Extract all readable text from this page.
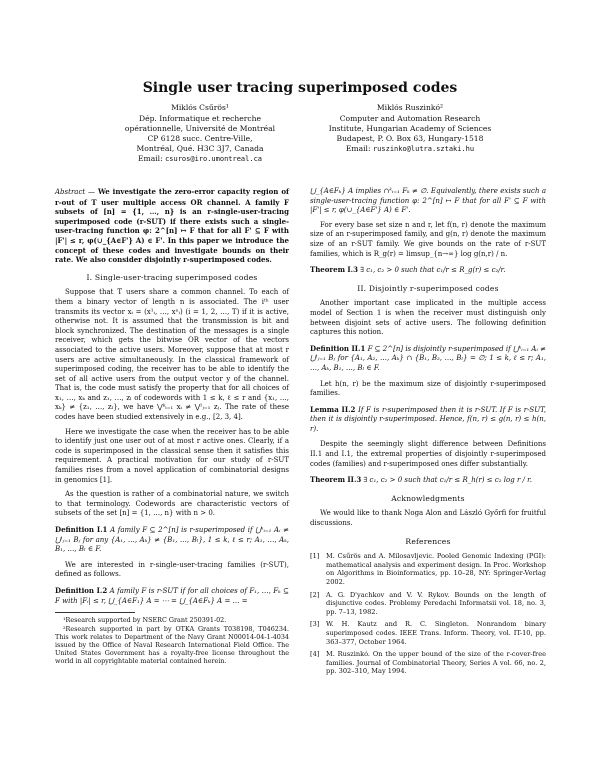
Single user tracing superimposed codes
Miklós Csűrös¹
Dép. Informatique et recherche
opérationnelle, Université de Montréal
CP 6128 succ. Centre-Ville,
Montréal, Qué. H3C 3J7, Canada
Email: csuros@iro.umontreal.ca
Miklós Ruszinkó²
Computer and Automation Research
Institute, Hungarian Academy of Sciences
Budapest, P. O. Box 63, Hungary-1518
Email: ruszinko@lutra.sztaki.hu

Abstract — We investigate the zero-error capacity region of r-out of T user multiple access OR channel. A family F subsets of [n] = {1, …, n} is an r-single-user-tracing superimposed code (r-SUT) if there exists such a single-user-tracing function φ: 2^[n] ↦ F that for all F' ⊆ F with |F'| ≤ r, φ(∪_{A∈F'} A) ∈ F'. In this paper we introduce the concept of these codes and investigate bounds on their rate. We also consider disjointly r-superimposed codes.

I. Single-user-tracing superimposed codes

Suppose that T users share a common channel. To each of them a binary vector of length n is associated. The iᵗʰ user transmits its vector xᵢ = (x¹ᵢ, …, xⁿᵢ) (i = 1, 2, …, T) if it is active, otherwise not. It is assumed that the transmission is bit and block synchronized. The destination of the messages is a single receiver, which gets the bitwise OR vector of the vectors associated to the active users. Moreover, suppose that at most r users are active simultaneously. In the classical framework of superimposed coding, the receiver has to be able to identify the set of all active users from the output vector y of the channel. That is, the code must satisfy the property that for all choices of x₁, …, xₖ and z₁, …, zₗ of codewords with 1 ≤ k, ℓ ≤ r and {x₁, …, xₖ} ≠ {z₁, …, zₗ}, we have ⋁ᵏᵢ₌₁ xᵢ ≠ ⋁ˡⱼ₌₁ zⱼ. The rate of these codes have been studied extensively in e.g., [2, 3, 4].

Here we investigate the case when the receiver has to be able to identify just one user out of at most r active ones. Clearly, if a code is superimposed in the classical sense then it satisfies this requirement. A practical motivation for our study of r-SUT families rises from a novel application of combinatorial designs in genomics [1].

As the question is rather of a combinatorial nature, we switch to that terminology. Codewords are characteristic vectors of subsets of the set [n] = {1, …, n} with n > 0.

Definition I.1 A family F ⊆ 2^[n] is r-superimposed if ⋃ᵏᵢ₌₁ Aᵢ ≠ ⋃ˡⱼ₌₁ Bⱼ for any {A₁, …, Aₖ} ≠ {B₁, …, Bₗ}, 1 ≤ k, ℓ ≤ r; A₁, …, Aₖ, B₁, …, Bₗ ∈ F.

We are interested in r-single-user-tracing families (r-SUT), defined as follows.

Definition I.2 A family F is r-SUT if for all choices of F₁, …, Fₖ ⊆ F with |Fᵢ| ≤ r, ⋃_{A∈F₁} A = ⋯ = ⋃_{A∈Fₖ} A = … =

¹Research supported by NSERC Grant 250391-02.

²Research supported in part by OTKA Grants T038198, T046234. This work relates to Department of the Navy Grant N00014-04-1-4034 issued by the Office of Naval Research International Field Office. The United States Government has a royalty-free license throughout the world in all copyrightable material contained herein.

⋃_{A∈Fₖ} A implies ∩ᵏᵢ₌₁ Fₖ ≠ ∅. Equivalently, there exists such a single-user-tracing function φ: 2^[n] ↦ F that for all F' ⊆ F with |F'| ≤ r, φ(∪_{A∈F'} A) ∈ F'.

For every base set size n and r, let f(n, r) denote the maximum size of an r-superimposed family, and g(n, r) denote the maximum size of an r-SUT family. We give bounds on the rate of r-SUT families, which is R_g(r) = limsup_{n→∞} log g(n,r) / n.

Theorem I.3 ∃ c₁, c₂ > 0 such that c₁/r ≤ R_g(r) ≤ c₂/r.

II. Disjointly r-superimposed codes

Another important case implicated in the multiple access model of Section 1 is when the receiver must distinguish only between disjoint sets of active users. The following definition captures this notion.

Definition II.1 F ⊆ 2^[n] is disjointly r-superimposed if ⋃ᵏᵢ₌₁ Aᵢ ≠ ⋃ˡⱼ₌₁ Bⱼ for {A₁, A₂, …, Aₖ} ∩ {B₁, B₂, …, Bₗ} = ∅; 1 ≤ k, ℓ ≤ r; A₁, …, Aₖ, B₁, …, Bₗ ∈ F.

Let h(n, r) be the maximum size of disjointly r-superimposed families.

Lemma II.2 If F is r-superimposed then it is r-SUT. If F is r-SUT, then it is disjointly r-superimposed. Hence, f(n, r) ≤ g(n, r) ≤ h(n, r).

Despite the seemingly slight difference between Definitions II.1 and I.1, the extremal properties of disjointly r-superimposed codes (families) and r-superimposed ones differ substantially.

Theorem II.3 ∃ c₁, c₂ > 0 such that c₁/r ≤ R_h(r) ≤ c₂ log r / r.

Acknowledgments

We would like to thank Noga Alon and László Győrfi for fruitful discussions.

References
[1] M. Csűrös and A. Milosavljevic. Pooled Genomic Indexing (PGI): mathematical analysis and experiment design. In Proc. Workshop on Algorithms in Bioinformatics, pp. 10–28, NY: Springer-Verlag 2002.
[2] A. G. D'yachkov and V. V. Rykov. Bounds on the length of disjunctive codes. Problemy Peredachi Informatsii vol. 18, no. 3, pp. 7–13, 1982.
[3] W. H. Kautz and R. C. Singleton. Nonrandom binary superimposed codes. IEEE Trans. Inform. Theory, vol. IT-10, pp. 363–377, October 1964.
[4] M. Ruszinkó. On the upper bound of the size of the r-cover-free families. Journal of Combinatorial Theory, Series A vol. 66, no. 2, pp. 302–310, May 1994.
